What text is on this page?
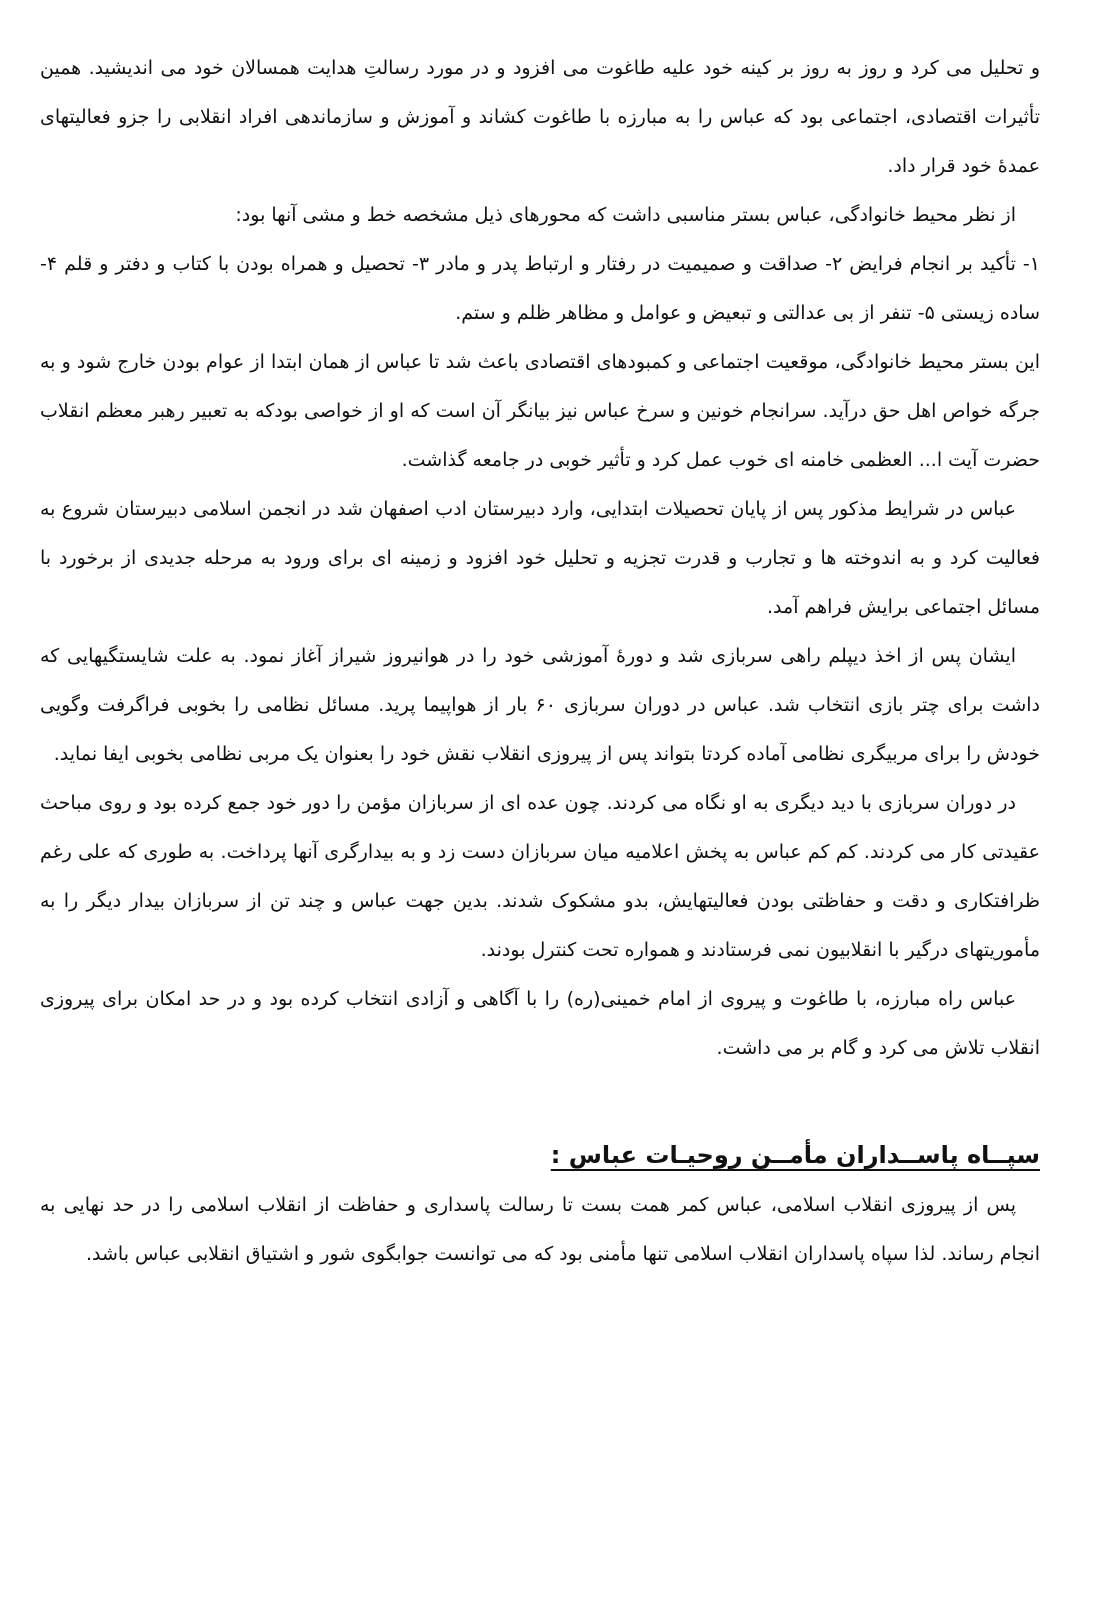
و تحلیل می کرد و روز به روز بر کینه خود علیه طاغوت می افزود و در مورد رسالتِ هدایت همسالان خود می اندیشید. همین تأثیرات اقتصادی، اجتماعی بود که عباس را به مبارزه با طاغوت کشاند و آموزش و سازماندهی افراد انقلابی را جزو فعالیتهای عمدهٔ خود قرار داد.

از نظر محیط خانوادگی، عباس بستر مناسبی داشت که محورهای ذیل مشخصه خط و مشی آنها بود:

۱- تأکید بر انجام فرایض ۲- صداقت و صمیمیت در رفتار و ارتباط پدر و مادر ۳- تحصیل و همراه بودن با کتاب و دفتر و قلم ۴- ساده زیستی ۵- تنفر از بی عدالتی و تبعیض و عوامل و مظاهر ظلم و ستم.

این بستر محیط خانوادگی، موقعیت اجتماعی و کمبودهای اقتصادی باعث شد تا عباس از همان ابتدا از عوام بودن خارج شود و به جرگه خواص اهل حق درآید. سرانجام خونین و سرخ عباس نیز بیانگر آن است که او از خواصی بودکه به تعبیر رهبر معظم انقلاب حضرت آیت ا... العظمی خامنه ای خوب عمل کرد و تأثیر خوبی در جامعه گذاشت.

عباس در شرایط مذکور پس از پایان تحصیلات ابتدایی، وارد دبیرستان ادب اصفهان شد در انجمن اسلامی دبیرستان شروع به فعالیت کرد و به اندوخته ها و تجارب و قدرت تجزیه و تحلیل خود افزود و زمینه ای برای ورود به مرحله جدیدی از برخورد با مسائل اجتماعی برایش فراهم آمد.

ایشان پس از اخذ دیپلم راهی سربازی شد و دورهٔ آموزشی خود را در هوانیروز شیراز آغاز نمود. به علت شایستگیهایی که داشت برای چتر بازی انتخاب شد. عباس در دوران سربازی ۶۰ بار از هواپیما پرید. مسائل نظامی را بخوبی فراگرفت وگویی خودش را برای مربیگری نظامی آماده کردتا بتواند پس از پیروزی انقلاب نقش خود را بعنوان یک مربی نظامی بخوبی ایفا نماید.

در دوران سربازی با دید دیگری به او نگاه می کردند. چون عده ای از سربازان مؤمن را دور خود جمع کرده بود و روی مباحث عقیدتی کار می کردند. کم کم عباس به پخش اعلامیه میان سربازان دست زد و به بیدارگری آنها پرداخت. به طوری که علی رغم ظرافتکاری و دقت و حفاظتی بودن فعالیتهایش، بدو مشکوک شدند. بدین جهت عباس و چند تن از سربازان بیدار دیگر را به مأموریتهای درگیر با انقلابیون نمی فرستادند و همواره تحت کنترل بودند.

عباس راه مبارزه، با طاغوت و پیروی از امام خمینی(ره) را با آگاهی و آزادی انتخاب کرده بود و در حد امکان برای پیروزی انقلاب تلاش می کرد و گام بر می داشت.

سپــاه پاســداران مأمــن روحیـات عباس :

پس از پیروزی انقلاب اسلامی، عباس کمر همت بست تا رسالت پاسداری و حفاظت از انقلاب اسلامی را در حد نهایی به انجام رساند. لذا سپاه پاسداران انقلاب اسلامی تنها مأمنی بود که می توانست جوابگوی شور و اشتیاق انقلابی عباس باشد.
